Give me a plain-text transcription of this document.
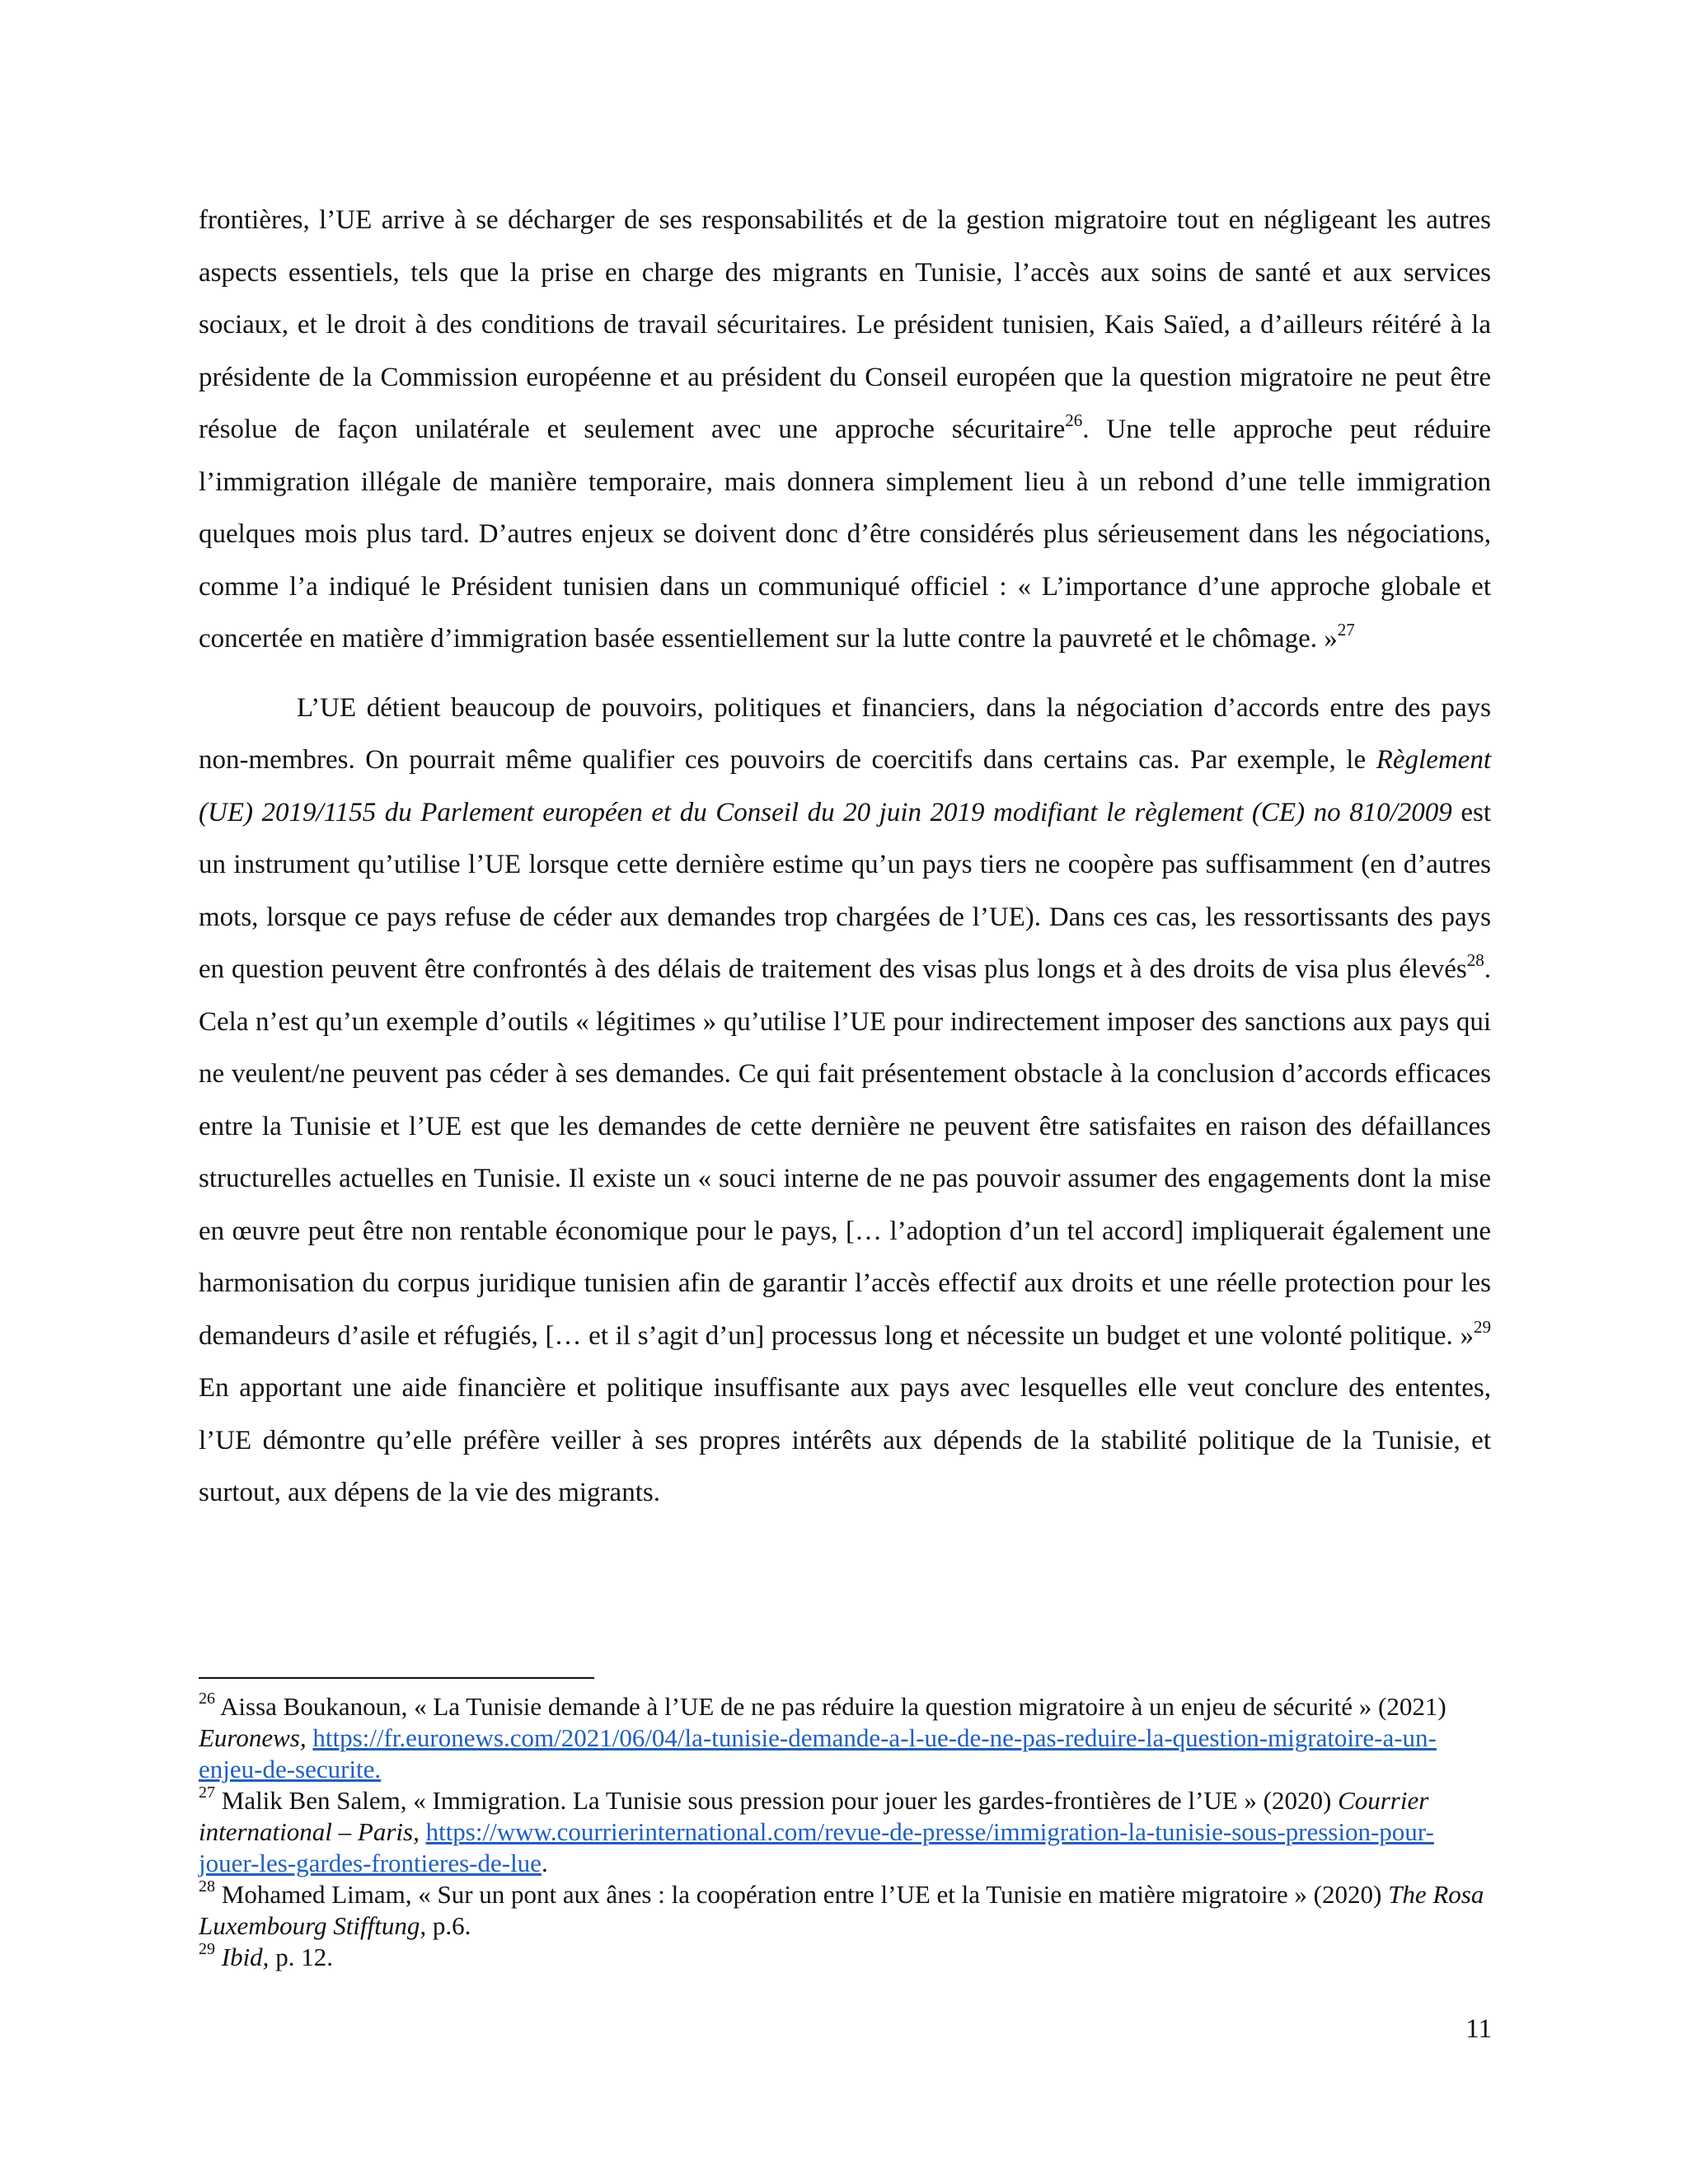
frontières, l’UE arrive à se décharger de ses responsabilités et de la gestion migratoire tout en négligeant les autres aspects essentiels, tels que la prise en charge des migrants en Tunisie, l’accès aux soins de santé et aux services sociaux, et le droit à des conditions de travail sécuritaires. Le président tunisien, Kais Saïed, a d’ailleurs réitéré à la présidente de la Commission européenne et au président du Conseil européen que la question migratoire ne peut être résolue de façon unilatérale et seulement avec une approche sécuritaire$^{26}$. Une telle approche peut réduire l’immigration illégale de manière temporaire, mais donnera simplement lieu à un rebond d’une telle immigration quelques mois plus tard. D’autres enjeux se doivent donc d’être considérés plus sérieusement dans les négociations, comme l’a indiqué le Président tunisien dans un communiqué officiel : « L’importance d’une approche globale et concertée en matière d’immigration basée essentiellement sur la lutte contre la pauvreté et le chômage. »$^{27}$

L’UE détient beaucoup de pouvoirs, politiques et financiers, dans la négociation d’accords entre des pays non-membres. On pourrait même qualifier ces pouvoirs de coercitifs dans certains cas. Par exemple, le Règlement (UE) 2019/1155 du Parlement européen et du Conseil du 20 juin 2019 modifiant le règlement (CE) no 810/2009 est un instrument qu’utilise l’UE lorsque cette dernière estime qu’un pays tiers ne coopère pas suffisamment (en d’autres mots, lorsque ce pays refuse de céder aux demandes trop chargées de l’UE). Dans ces cas, les ressortissants des pays en question peuvent être confrontés à des délais de traitement des visas plus longs et à des droits de visa plus élevés$^{28}$. Cela n’est qu’un exemple d’outils « légitimes » qu’utilise l’UE pour indirectement imposer des sanctions aux pays qui ne veulent/ne peuvent pas céder à ses demandes. Ce qui fait présentement obstacle à la conclusion d’accords efficaces entre la Tunisie et l’UE est que les demandes de cette dernière ne peuvent être satisfaites en raison des défaillances structurelles actuelles en Tunisie. Il existe un « souci interne de ne pas pouvoir assumer des engagements dont la mise en œuvre peut être non rentable économique pour le pays, [… l’adoption d’un tel accord] impliquerait également une harmonisation du corpus juridique tunisien afin de garantir l’accès effectif aux droits et une réelle protection pour les demandeurs d’asile et réfugiés, [… et il s’agit d’un] processus long et nécessite un budget et une volonté politique. »$^{29}$ En apportant une aide financière et politique insuffisante aux pays avec lesquelles elle veut conclure des ententes, l’UE démontre qu’elle préfère veiller à ses propres intérêts aux dépends de la stabilité politique de la Tunisie, et surtout, aux dépens de la vie des migrants.

$^{26}$ Aissa Boukanoun, « La Tunisie demande à l’UE de ne pas réduire la question migratoire à un enjeu de sécurité » (2021) Euronews, https://fr.euronews.com/2021/06/04/la-tunisie-demande-a-l-ue-de-ne-pas-reduire-la-question-migratoire-a-un-enjeu-de-securite.

$^{27}$ Malik Ben Salem, « Immigration. La Tunisie sous pression pour jouer les gardes-frontières de l’UE » (2020) Courrier international – Paris, https://www.courrierinternational.com/revue-de-presse/immigration-la-tunisie-sous-pression-pour-jouer-les-gardes-frontieres-de-lue.

$^{28}$ Mohamed Limam, « Sur un pont aux ânes : la coopération entre l’UE et la Tunisie en matière migratoire » (2020) The Rosa Luxembourg Stifftung, p.6.

$^{29}$ Ibid, p. 12.

11
